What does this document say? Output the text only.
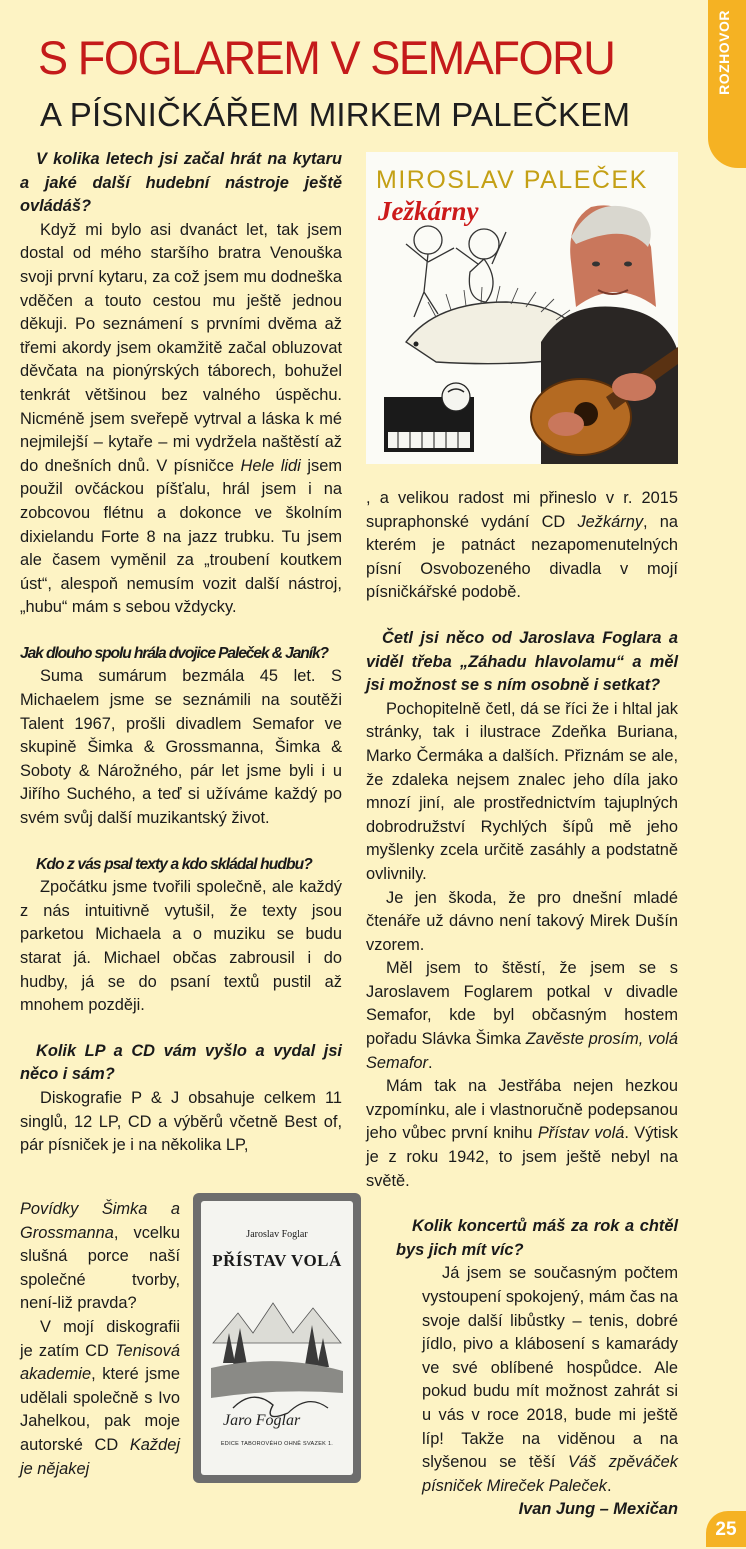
ROZHOVOR
S FOGLAREM V SEMAFORU
A PÍSNIČKÁŘEM MIRKEM PALEČKEM
MIROSLAV PALEČEK
Ježkárny

V kolika letech jsi začal hrát na kytaru a jaké další hudební nástroje ještě ovládáš?

Když mi bylo asi dvanáct let, tak jsem dostal od mého staršího bratra Venouška svoji první kytaru, za což jsem mu dodneška vděčen a touto cestou mu ještě jednou děkuji. Po seznámení s prvními dvěma až třemi akordy jsem okamžitě začal obluzovat děvčata na pionýrských táborech, bohužel tenkrát většinou bez valného úspěchu. Nicméně jsem sveřepě vytrval a láska k mé nejmilejší – kytaře – mi vydržela naštěstí až do dnešních dnů. V písničce Hele lidi jsem použil ovčáckou píšťalu, hrál jsem i na zobcovou flétnu a dokonce ve školním dixielandu Forte 8 na jazz trubku. Tu jsem ale časem vyměnil za „troubení koutkem úst“, alespoň nemusím vozit další nástroj, „hubu“ mám s sebou vždycky.

Jak dlouho spolu hrála dvojice Paleček & Janík?

Suma sumárum bezmála 45 let. S Michaelem jsme se seznámili na soutěži Talent 1967, prošli divadlem Semafor ve skupině Šimka & Grossmanna, Šimka & Soboty & Nárožného, pár let jsme byli i u Jiřího Suchého, a teď si užíváme každý po svém svůj další muzikantský život.

Kdo z vás psal texty a kdo skládal hudbu?

Zpočátku jsme tvořili společně, ale každý z nás intuitivně vytušil, že texty jsou parketou Michaela a o muziku se budu starat já. Michael občas zabrousil i do hudby, já se do psaní textů pustil až mnohem později.

Kolik LP a CD vám vyšlo a vydal jsi něco i sám?

Diskografie P & J obsahuje celkem 11 singlů, 12 LP, CD a výběrů včetně Best of, pár písniček je i na několika LP,

Povídky Šimka a Grossmanna, vcelku slušná porce naší společné tvorby, není-liž pravda?

V mojí diskografii je zatím CD Tenisová akademie, které jsme udělali společně s Ivo Jahelkou, pak moje autorské CD Každej je nějakej

Jaroslav Foglar
PŘÍSTAV VOLÁ
Jaro Foglar
EDICE TABOROVÉHO OHNĚ SVAZEK 1.

, a velikou radost mi přineslo v r. 2015 supraphonské vydání CD Ježkárny, na kterém je patnáct nezapomenutelných písní Osvobozeného divadla v mojí písničkářské podobě.

Četl jsi něco od Jaroslava Foglara a viděl třeba „Záhadu hlavolamu“ a měl jsi možnost se s ním osobně i setkat?

Pochopitelně četl, dá se říci že i hltal jak stránky, tak i ilustrace Zdeňka Buriana, Marko Čermáka a dalších. Přiznám se ale, že zdaleka nejsem znalec jeho díla jako mnozí jiní, ale prostřednictvím tajuplných dobrodružství Rychlých šípů mě jeho myšlenky zcela určitě zasáhly a podstatně ovlivnily.

Je jen škoda, že pro dnešní mladé čtenáře už dávno není takový Mirek Dušín vzorem.

Měl jsem to štěstí, že jsem se s Jaroslavem Foglarem potkal v divadle Semafor, kde byl občasným hostem pořadu Slávka Šimka Zavěste prosím, volá Semafor.

Mám tak na Jestřába nejen hezkou vzpomínku, ale i vlastnoručně podepsanou jeho vůbec první knihu Přístav volá. Výtisk je z roku 1942, to jsem ještě nebyl na světě.

Kolik koncertů máš za rok a chtěl bys jich mít víc?

Já jsem se současným počtem vystoupení spokojený, mám čas na svoje další libůstky – tenis, dobré jídlo, pivo a klábosení s kamarády ve své oblíbené hospůdce. Ale pokud budu mít možnost zahrát si u vás v roce 2018, bude mi ještě líp! Takže na viděnou a na slyšenou se těší Váš zpěváček písniček Mireček Paleček.

Ivan Jung – Mexičan

25
